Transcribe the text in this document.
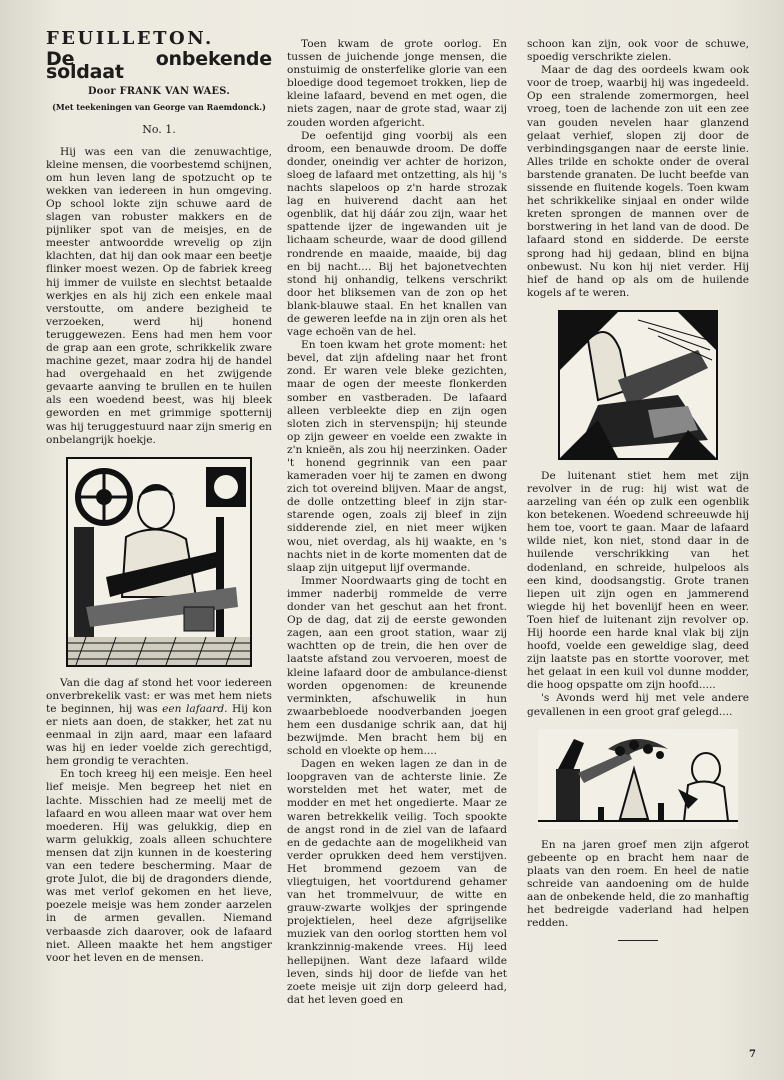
FEUILLETON.
De onbekende soldaat
Door FRANK VAN WAES.
(Met teekeningen van George van Raemdonck.)
No. 1.

Hij was een van die zenuwachtige, kleine mensen, die voorbestemd schijnen, om hun leven lang de spotzucht op te wekken van iedereen in hun omgeving. Op school lokte zijn schuwe aard de slagen van robuster makkers en de pijnliker spot van de meisjes, en de meester antwoordde wrevelig op zijn klachten, dat hij dan ook maar een beetje flinker moest wezen. Op de fabriek kreeg hij immer de vuilste en slechtst betaalde werkjes en als hij zich een enkele maal verstoutte, om andere bezigheid te verzoeken, werd hij honend teruggewezen. Eens had men hem voor de grap aan een grote, schrikkelik zware machine gezet, maar zodra hij de handel had overgehaald en het zwijgende gevaarte aanving te brullen en te huilen als een woedend beest, was hij bleek geworden en met grimmige spotternij was hij teruggestuurd naar zijn smerig en onbelangrijk hoekje.

Van die dag af stond het voor iedereen onverbrekelik vast: er was met hem niets te beginnen, hij was een lafaard. Hij kon er niets aan doen, de stakker, het zat nu eenmaal in zijn aard, maar een lafaard was hij en ieder voelde zich gerechtigd, hem grondig te verachten.

En toch kreeg hij een meisje. Een heel lief meisje. Men begreep het niet en lachte. Misschien had ze meelij met de lafaard en wou alleen maar wat over hem moederen. Hij was gelukkig, diep en warm gelukkig, zoals alleen schuchtere mensen dat zijn kunnen in de koestering van een tedere bescherming. Maar de grote Julot, die bij de dragonders diende, was met verlof gekomen en het lieve, poezele meisje was hem zonder aarzelen in de armen gevallen. Niemand verbaasde zich daarover, ook de lafaard niet. Alleen maakte het hem angstiger voor het leven en de mensen.

Toen kwam de grote oorlog. En tussen de juichende jonge mensen, die onstuimig de onsterfelike glorie van een bloedige dood tegemoet trokken, liep de kleine lafaard, bevend en met ogen, die niets zagen, naar de grote stad, waar zij zouden worden afgericht.

De oefentijd ging voorbij als een droom, een benauwde droom. De doffe donder, oneindig ver achter de horizon, sloeg de lafaard met ontzetting, als hij 's nachts slapeloos op z'n harde strozak lag en huiverend dacht aan het ogenblik, dat hij dáár zou zijn, waar het spattende ijzer de ingewanden uit je lichaam scheurde, waar de dood gillend rondrende en maaide, maaide, bij dag en bij nacht.... Bij het bajonetvechten stond hij onhandig, telkens verschrikt door het bliksemen van de zon op het blank-blauwe staal. En het knallen van de geweren leefde na in zijn oren als het vage echoën van de hel.

En toen kwam het grote moment: het bevel, dat zijn afdeling naar het front zond. Er waren vele bleke gezichten, maar de ogen der meeste flonkerden somber en vastberaden. De lafaard alleen verbleekte diep en zijn ogen sloten zich in stervenspijn; hij steunde op zijn geweer en voelde een zwakte in z'n knieën, als zou hij neerzinken. Oader 't honend gegrinnik van een paar kameraden voer hij te zamen en dwong zich tot overeind blijven. Maar de angst, de dolle ontzetting bleef in zijn star-starende ogen, zoals zij bleef in zijn sidderende ziel, en niet meer wijken wou, niet overdag, als hij waakte, en 's nachts niet in de korte momenten dat de slaap zijn uitgeput lijf overmande.

Immer Noordwaarts ging de tocht en immer naderbij rommelde de verre donder van het geschut aan het front. Op de dag, dat zij de eerste gewonden zagen, aan een groot station, waar zij wachtten op de trein, die hen over de laatste afstand zou vervoeren, moest de kleine lafaard door de ambulance-dienst worden opgenomen: de kreunende verminkten, afschuwelik in hun zwaarbebloede noodverbanden joegen hem een dusdanige schrik aan, dat hij bezwijmde. Men bracht hem bij en schold en vloekte op hem....

Dagen en weken lagen ze dan in de loopgraven van de achterste linie. Ze worstelden met het water, met de modder en met het ongedierte. Maar ze waren betrekkelik veilig. Toch spookte de angst rond in de ziel van de lafaard en de gedachte aan de mogelikheid van verder oprukken deed hem verstijven. Het brommend gezoem van de vliegtuigen, het voortdurend gehamer van het trommelvuur, de witte en grauw-zwarte wolkjes der springende projektielen, heel deze afgrijselike muziek van den oorlog stortten hem vol krankzinnig-makende vrees. Hij leed hellepijnen. Want deze lafaard wilde leven, sinds hij door de liefde van het zoete meisje uit zijn dorp geleerd had, dat het leven goed en

schoon kan zijn, ook voor de schuwe, spoedig verschrikte zielen.

Maar de dag des oordeels kwam ook voor de troep, waarbij hij was ingedeeld. Op een stralende zomermorgen, heel vroeg, toen de lachende zon uit een zee van gouden nevelen haar glanzend gelaat verhief, slopen zij door de verbindingsgangen naar de eerste linie. Alles trilde en schokte onder de overal barstende granaten. De lucht beefde van sissende en fluitende kogels. Toen kwam het schrikkelike sinjaal en onder wilde kreten sprongen de mannen over de borstwering in het land van de dood. De lafaard stond en sidderde. De eerste sprong had hij gedaan, blind en bijna onbewust. Nu kon hij niet verder. Hij hief de hand op als om de huilende kogels af te weren.

De luitenant stiet hem met zijn revolver in de rug: hij wist wat de aarzeling van één op zulk een ogenblik kon betekenen. Woedend schreeuwde hij hem toe, voort te gaan. Maar de lafaard wilde niet, kon niet, stond daar in de huilende verschrikking van het dodenland, en schreide, hulpeloos als een kind, doodsangstig. Grote tranen liepen uit zijn ogen en jammerend wiegde hij het bovenlijf heen en weer. Toen hief de luitenant zijn revolver op. Hij hoorde een harde knal vlak bij zijn hoofd, voelde een geweldige slag, deed zijn laatste pas en stortte voorover, met het gelaat in een kuil vol dunne modder, die hoog opspatte om zijn hoofd.....

's Avonds werd hij met vele andere gevallenen in een groot graf gelegd....

En na jaren groef men zijn afgerot gebeente op en bracht hem naar de plaats van den roem. En heel de natie schreide van aandoening om de hulde aan de onbekende held, die zo manhaftig het bedreigde vaderland had helpen redden.

7
